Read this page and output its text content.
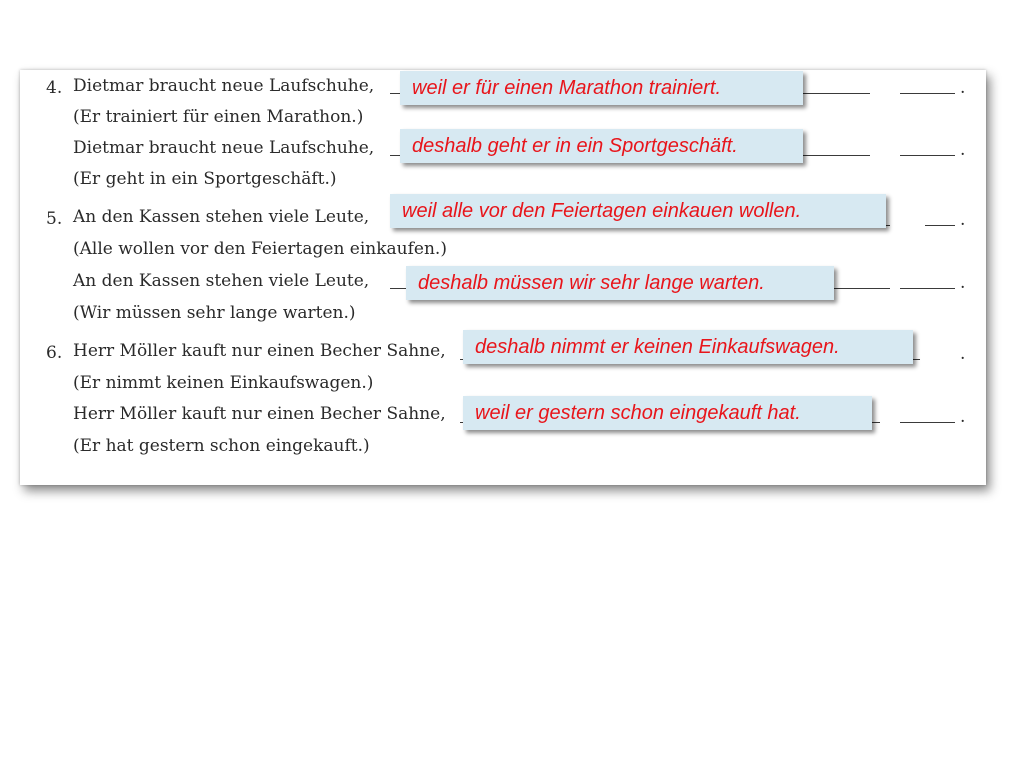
4. Dietmar braucht neue Laufschuhe,
(Er trainiert für einen Marathon.)
Dietmar braucht neue Laufschuhe,
(Er geht in ein Sportgeschäft.)
5. An den Kassen stehen viele Leute,
(Alle wollen vor den Feiertagen einkaufen.)
An den Kassen stehen viele Leute,
(Wir müssen sehr lange warten.)
6. Herr Möller kauft nur einen Becher Sahne,
(Er nimmt keinen Einkaufswagen.)
Herr Möller kauft nur einen Becher Sahne,
(Er hat gestern schon eingekauft.)
.
.
.
.
.
.
weil er für einen Marathon trainiert.
deshalb geht er in ein Sportgeschäft.
weil alle vor den Feiertagen einkauen wollen.
deshalb müssen wir sehr lange warten.
deshalb nimmt er keinen Einkaufswagen.
weil er gestern schon eingekauft hat.
